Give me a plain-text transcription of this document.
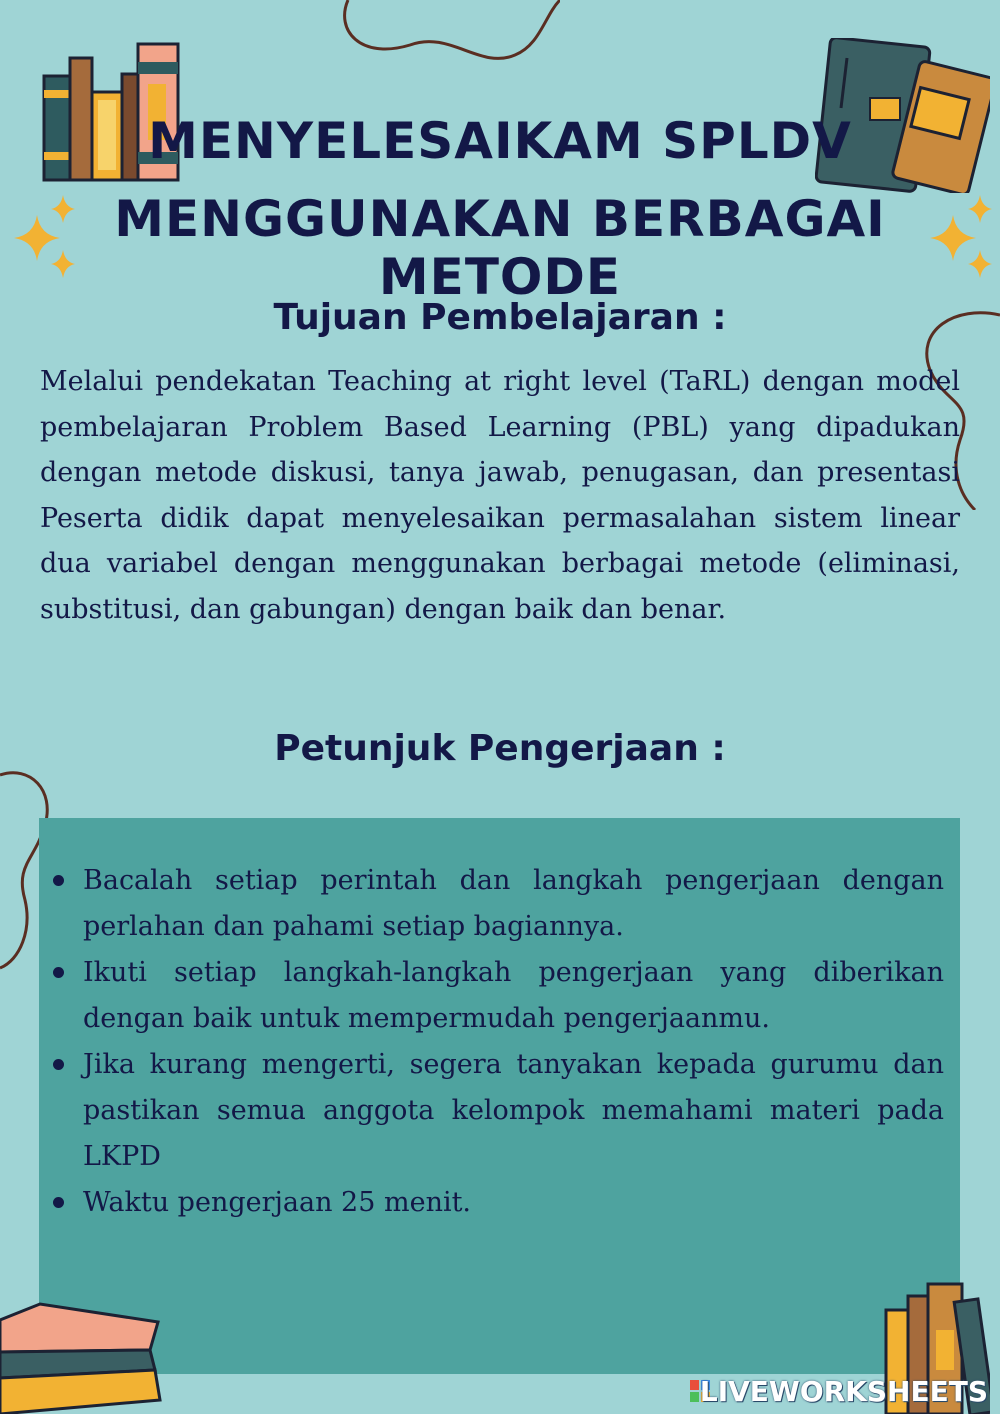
MENYELESAIKAM SPLDV
MENGGUNAKAN BERBAGAI METODE
Tujuan Pembelajaran :
Melalui pendekatan Teaching at right level (TaRL) dengan model pembelajaran Problem Based Learning (PBL) yang dipadukan dengan metode diskusi, tanya jawab, penugasan, dan presentasi Peserta didik dapat menyelesaikan permasalahan sistem linear dua variabel dengan menggunakan berbagai metode (eliminasi, substitusi, dan gabungan) dengan baik dan benar.
Petunjuk Pengerjaan :
Bacalah setiap perintah dan langkah pengerjaan dengan perlahan dan pahami setiap bagiannya.
Ikuti setiap langkah-langkah pengerjaan yang diberikan dengan baik untuk mempermudah pengerjaanmu.
Jika kurang mengerti, segera tanyakan kepada gurumu dan pastikan semua anggota kelompok memahami materi pada LKPD
Waktu pengerjaan 25 menit.
LIVEWORKSHEETS
